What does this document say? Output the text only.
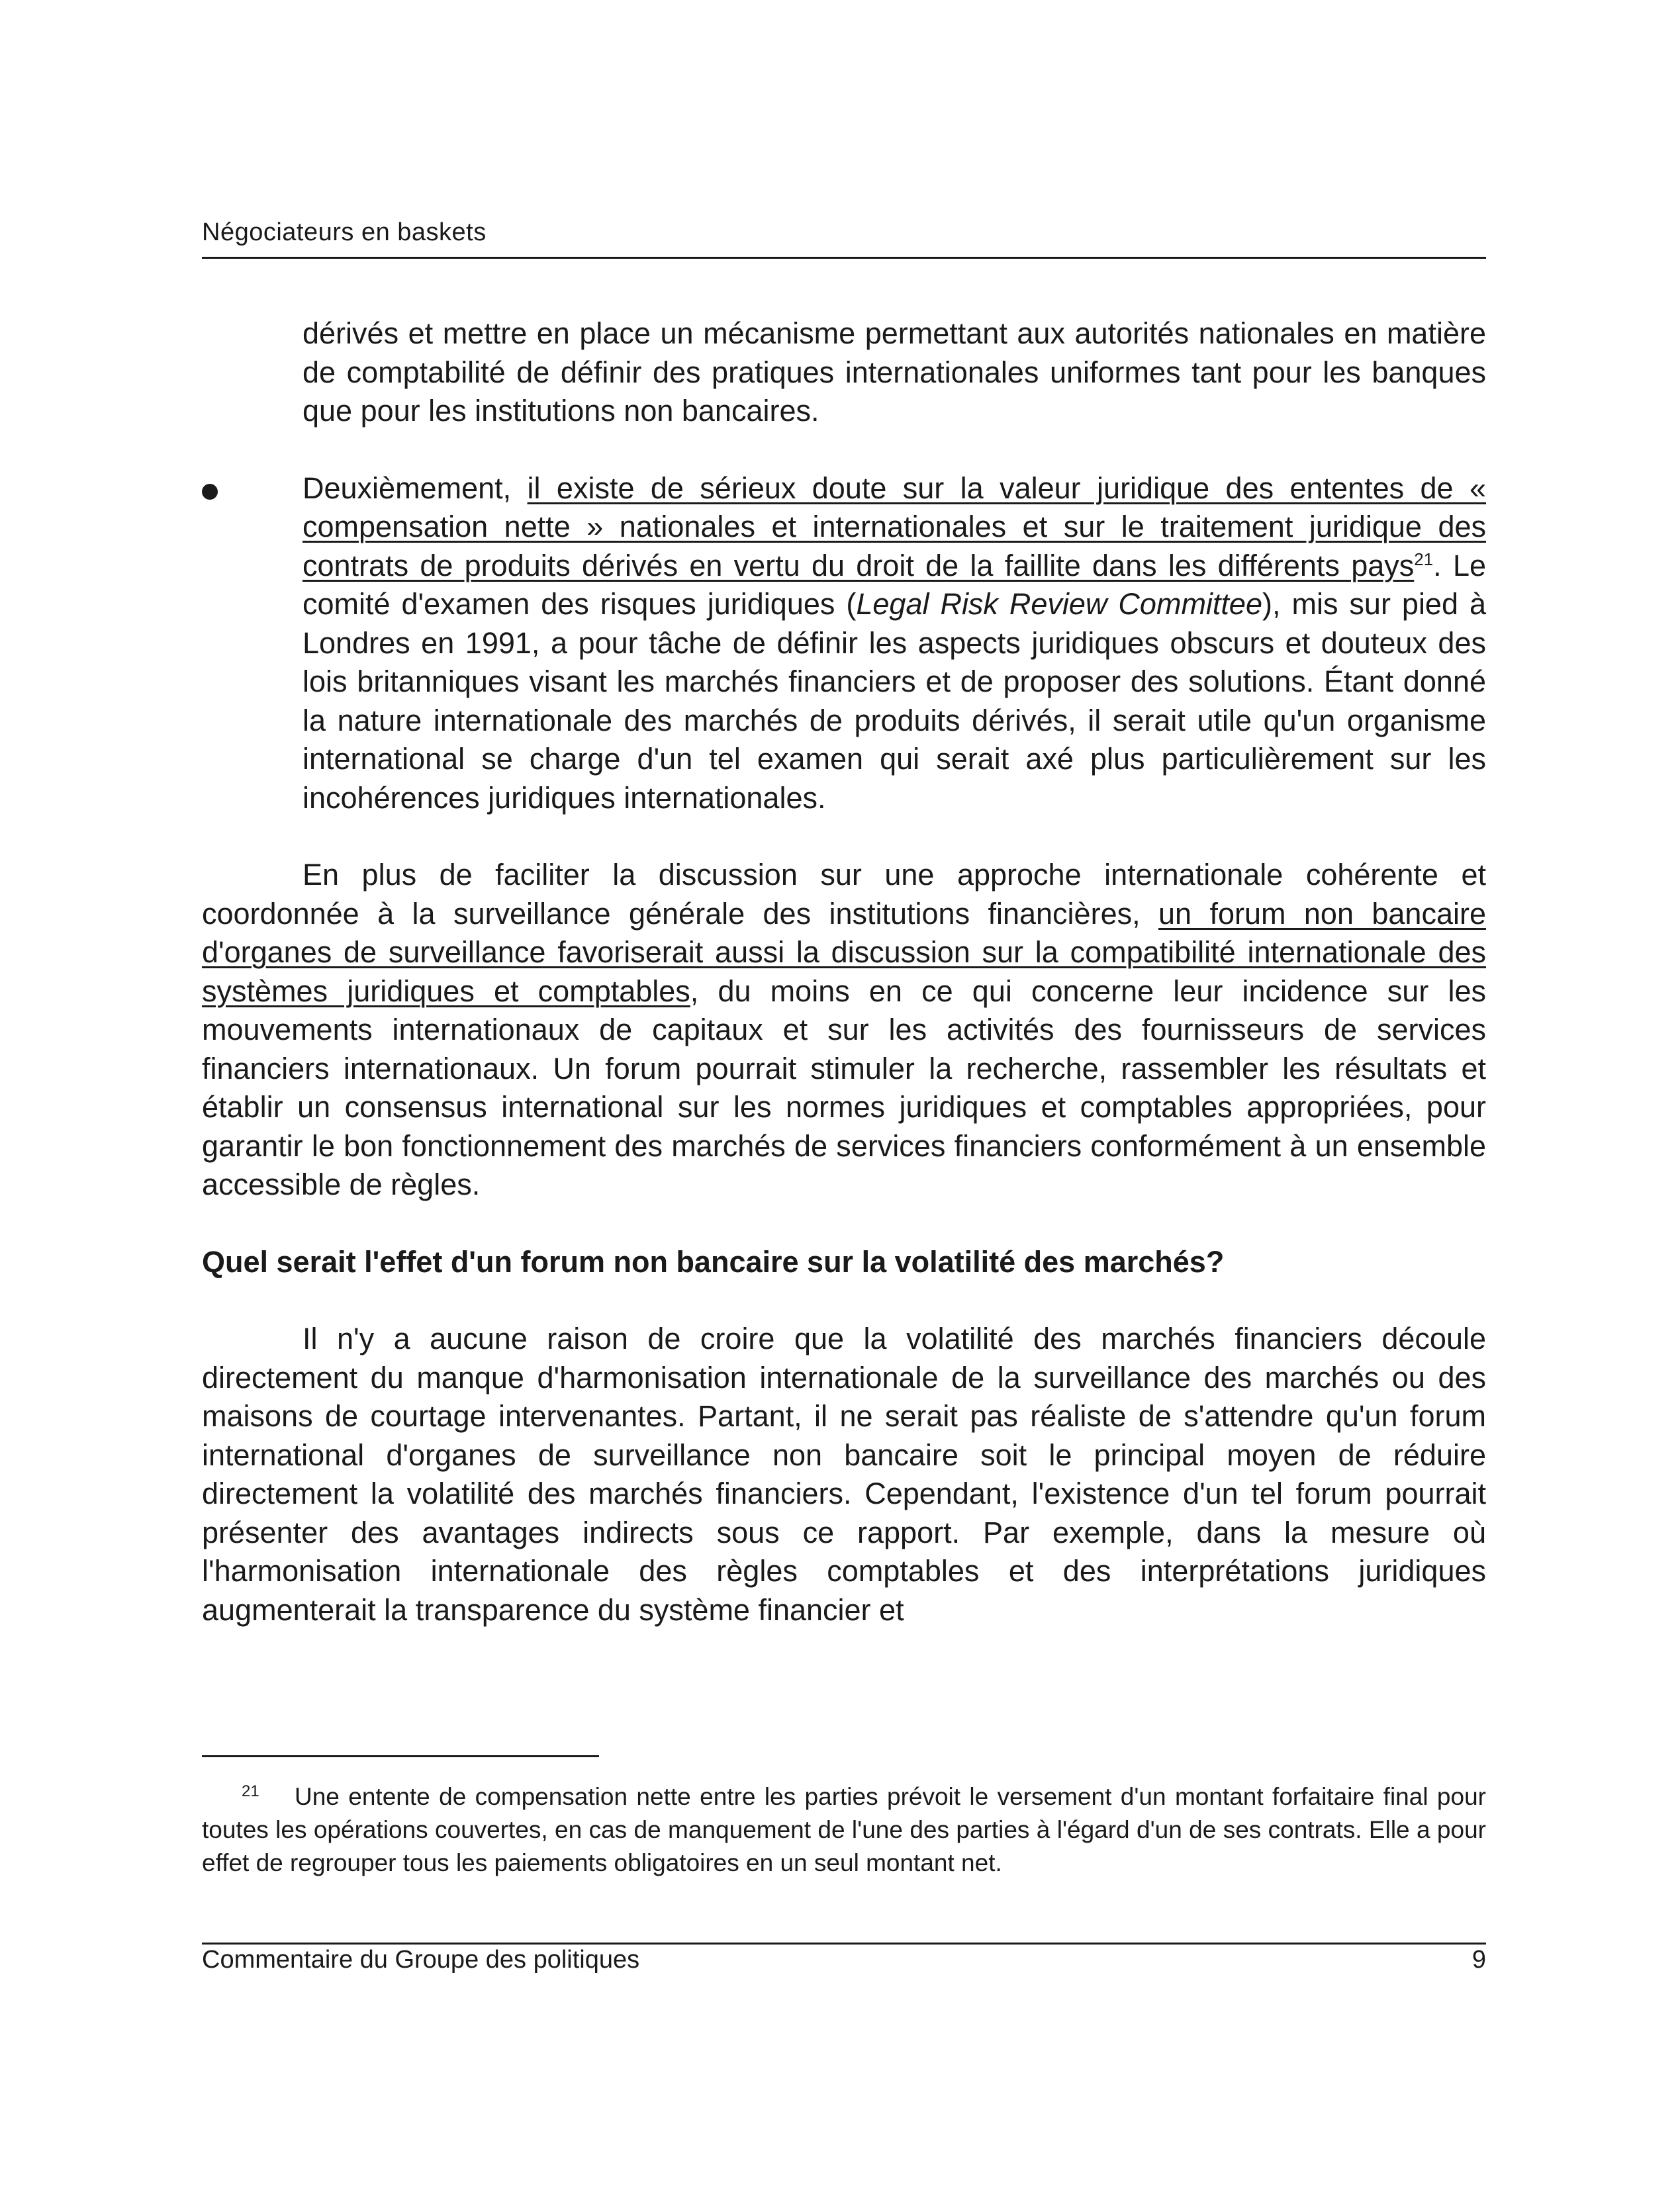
Négociateurs en baskets

dérivés et mettre en place un mécanisme permettant aux autorités nationales en matière de comptabilité de définir des pratiques internationales uniformes tant pour les banques que pour les institutions non bancaires.

Deuxièmement, il existe de sérieux doute sur la valeur juridique des ententes de « compensation nette » nationales et internationales et sur le traitement juridique des contrats de produits dérivés en vertu du droit de la faillite dans les différents pays$^{21}$. Le comité d'examen des risques juridiques (Legal Risk Review Committee), mis sur pied à Londres en 1991, a pour tâche de définir les aspects juridiques obscurs et douteux des lois britanniques visant les marchés financiers et de proposer des solutions. Étant donné la nature internationale des marchés de produits dérivés, il serait utile qu'un organisme international se charge d'un tel examen qui serait axé plus particulièrement sur les incohérences juridiques internationales.

En plus de faciliter la discussion sur une approche internationale cohérente et coordonnée à la surveillance générale des institutions financières, un forum non bancaire d'organes de surveillance favoriserait aussi la discussion sur la compatibilité internationale des systèmes juridiques et comptables, du moins en ce qui concerne leur incidence sur les mouvements internationaux de capitaux et sur les activités des fournisseurs de services financiers internationaux. Un forum pourrait stimuler la recherche, rassembler les résultats et établir un consensus international sur les normes juridiques et comptables appropriées, pour garantir le bon fonctionnement des marchés de services financiers conformément à un ensemble accessible de règles.

Quel serait l'effet d'un forum non bancaire sur la volatilité des marchés?

Il n'y a aucune raison de croire que la volatilité des marchés financiers découle directement du manque d'harmonisation internationale de la surveillance des marchés ou des maisons de courtage intervenantes. Partant, il ne serait pas réaliste de s'attendre qu'un forum international d'organes de surveillance non bancaire soit le principal moyen de réduire directement la volatilité des marchés financiers. Cependant, l'existence d'un tel forum pourrait présenter des avantages indirects sous ce rapport. Par exemple, dans la mesure où l'harmonisation internationale des règles comptables et des interprétations juridiques augmenterait la transparence du système financier et

21 Une entente de compensation nette entre les parties prévoit le versement d'un montant forfaitaire final pour toutes les opérations couvertes, en cas de manquement de l'une des parties à l'égard d'un de ses contrats. Elle a pour effet de regrouper tous les paiements obligatoires en un seul montant net.
Commentaire du Groupe des politiques	9
